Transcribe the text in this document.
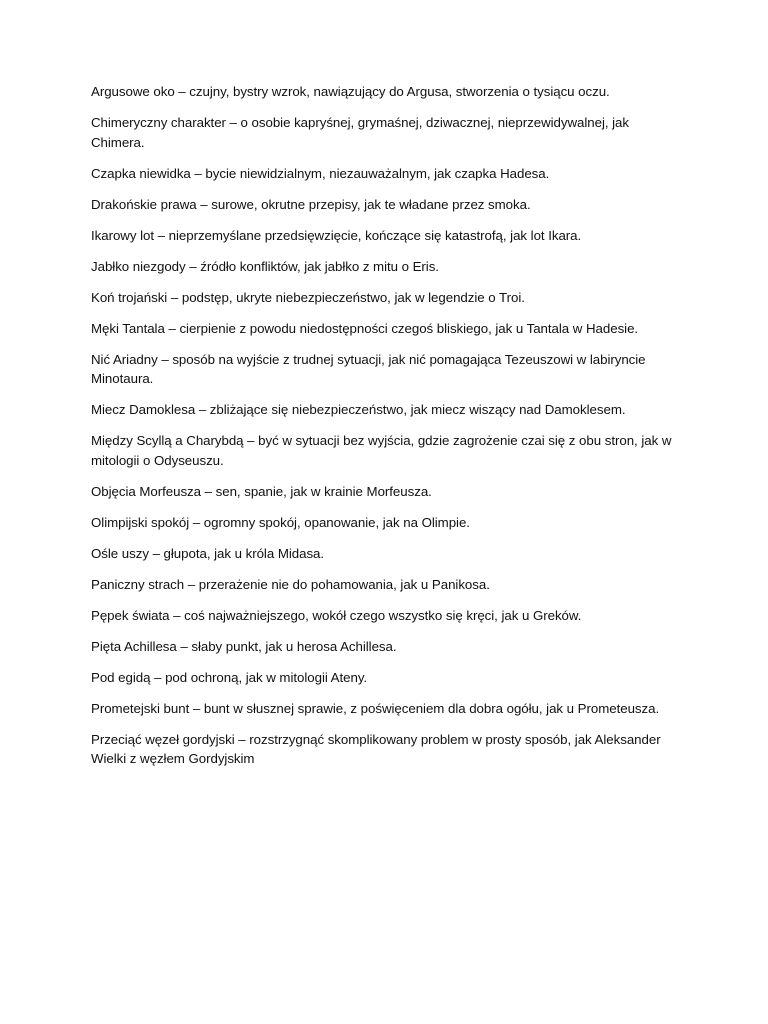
Argusowe oko – czujny, bystry wzrok, nawiązujący do Argusa, stworzenia o tysiącu oczu.

Chimeryczny charakter – o osobie kapryśnej, grymaśnej, dziwacznej, nieprzewidywalnej, jak Chimera.

Czapka niewidka – bycie niewidzialnym, niezauważalnym, jak czapka Hadesa.

Drakońskie prawa – surowe, okrutne przepisy, jak te władane przez smoka.

Ikarowy lot – nieprzemyślane przedsięwzięcie, kończące się katastrofą, jak lot Ikara.

Jabłko niezgody – źródło konfliktów, jak jabłko z mitu o Eris.

Koń trojański – podstęp, ukryte niebezpieczeństwo, jak w legendzie o Troi.

Męki Tantala – cierpienie z powodu niedostępności czegoś bliskiego, jak u Tantala w Hadesie.

Nić Ariadny – sposób na wyjście z trudnej sytuacji, jak nić pomagająca Tezeuszowi w labiryncie Minotaura.

Miecz Damoklesa – zbliżające się niebezpieczeństwo, jak miecz wiszący nad Damoklesem.

Między Scyllą a Charybdą – być w sytuacji bez wyjścia, gdzie zagrożenie czai się z obu stron, jak w mitologii o Odyseuszu.

Objęcia Morfeusza – sen, spanie, jak w krainie Morfeusza.

Olimpijski spokój – ogromny spokój, opanowanie, jak na Olimpie.

Ośle uszy – głupota, jak u króla Midasa.

Paniczny strach – przerażenie nie do pohamowania, jak u Panikosa.

Pępek świata – coś najważniejszego, wokół czego wszystko się kręci, jak u Greków.

Pięta Achillesa – słaby punkt, jak u herosa Achillesa.

Pod egidą – pod ochroną, jak w mitologii Ateny.

Prometejski bunt – bunt w słusznej sprawie, z poświęceniem dla dobra ogółu, jak u Prometeusza.

Przeciąć węzeł gordyjski – rozstrzygnąć skomplikowany problem w prosty sposób, jak Aleksander Wielki z węzłem Gordyjskim
